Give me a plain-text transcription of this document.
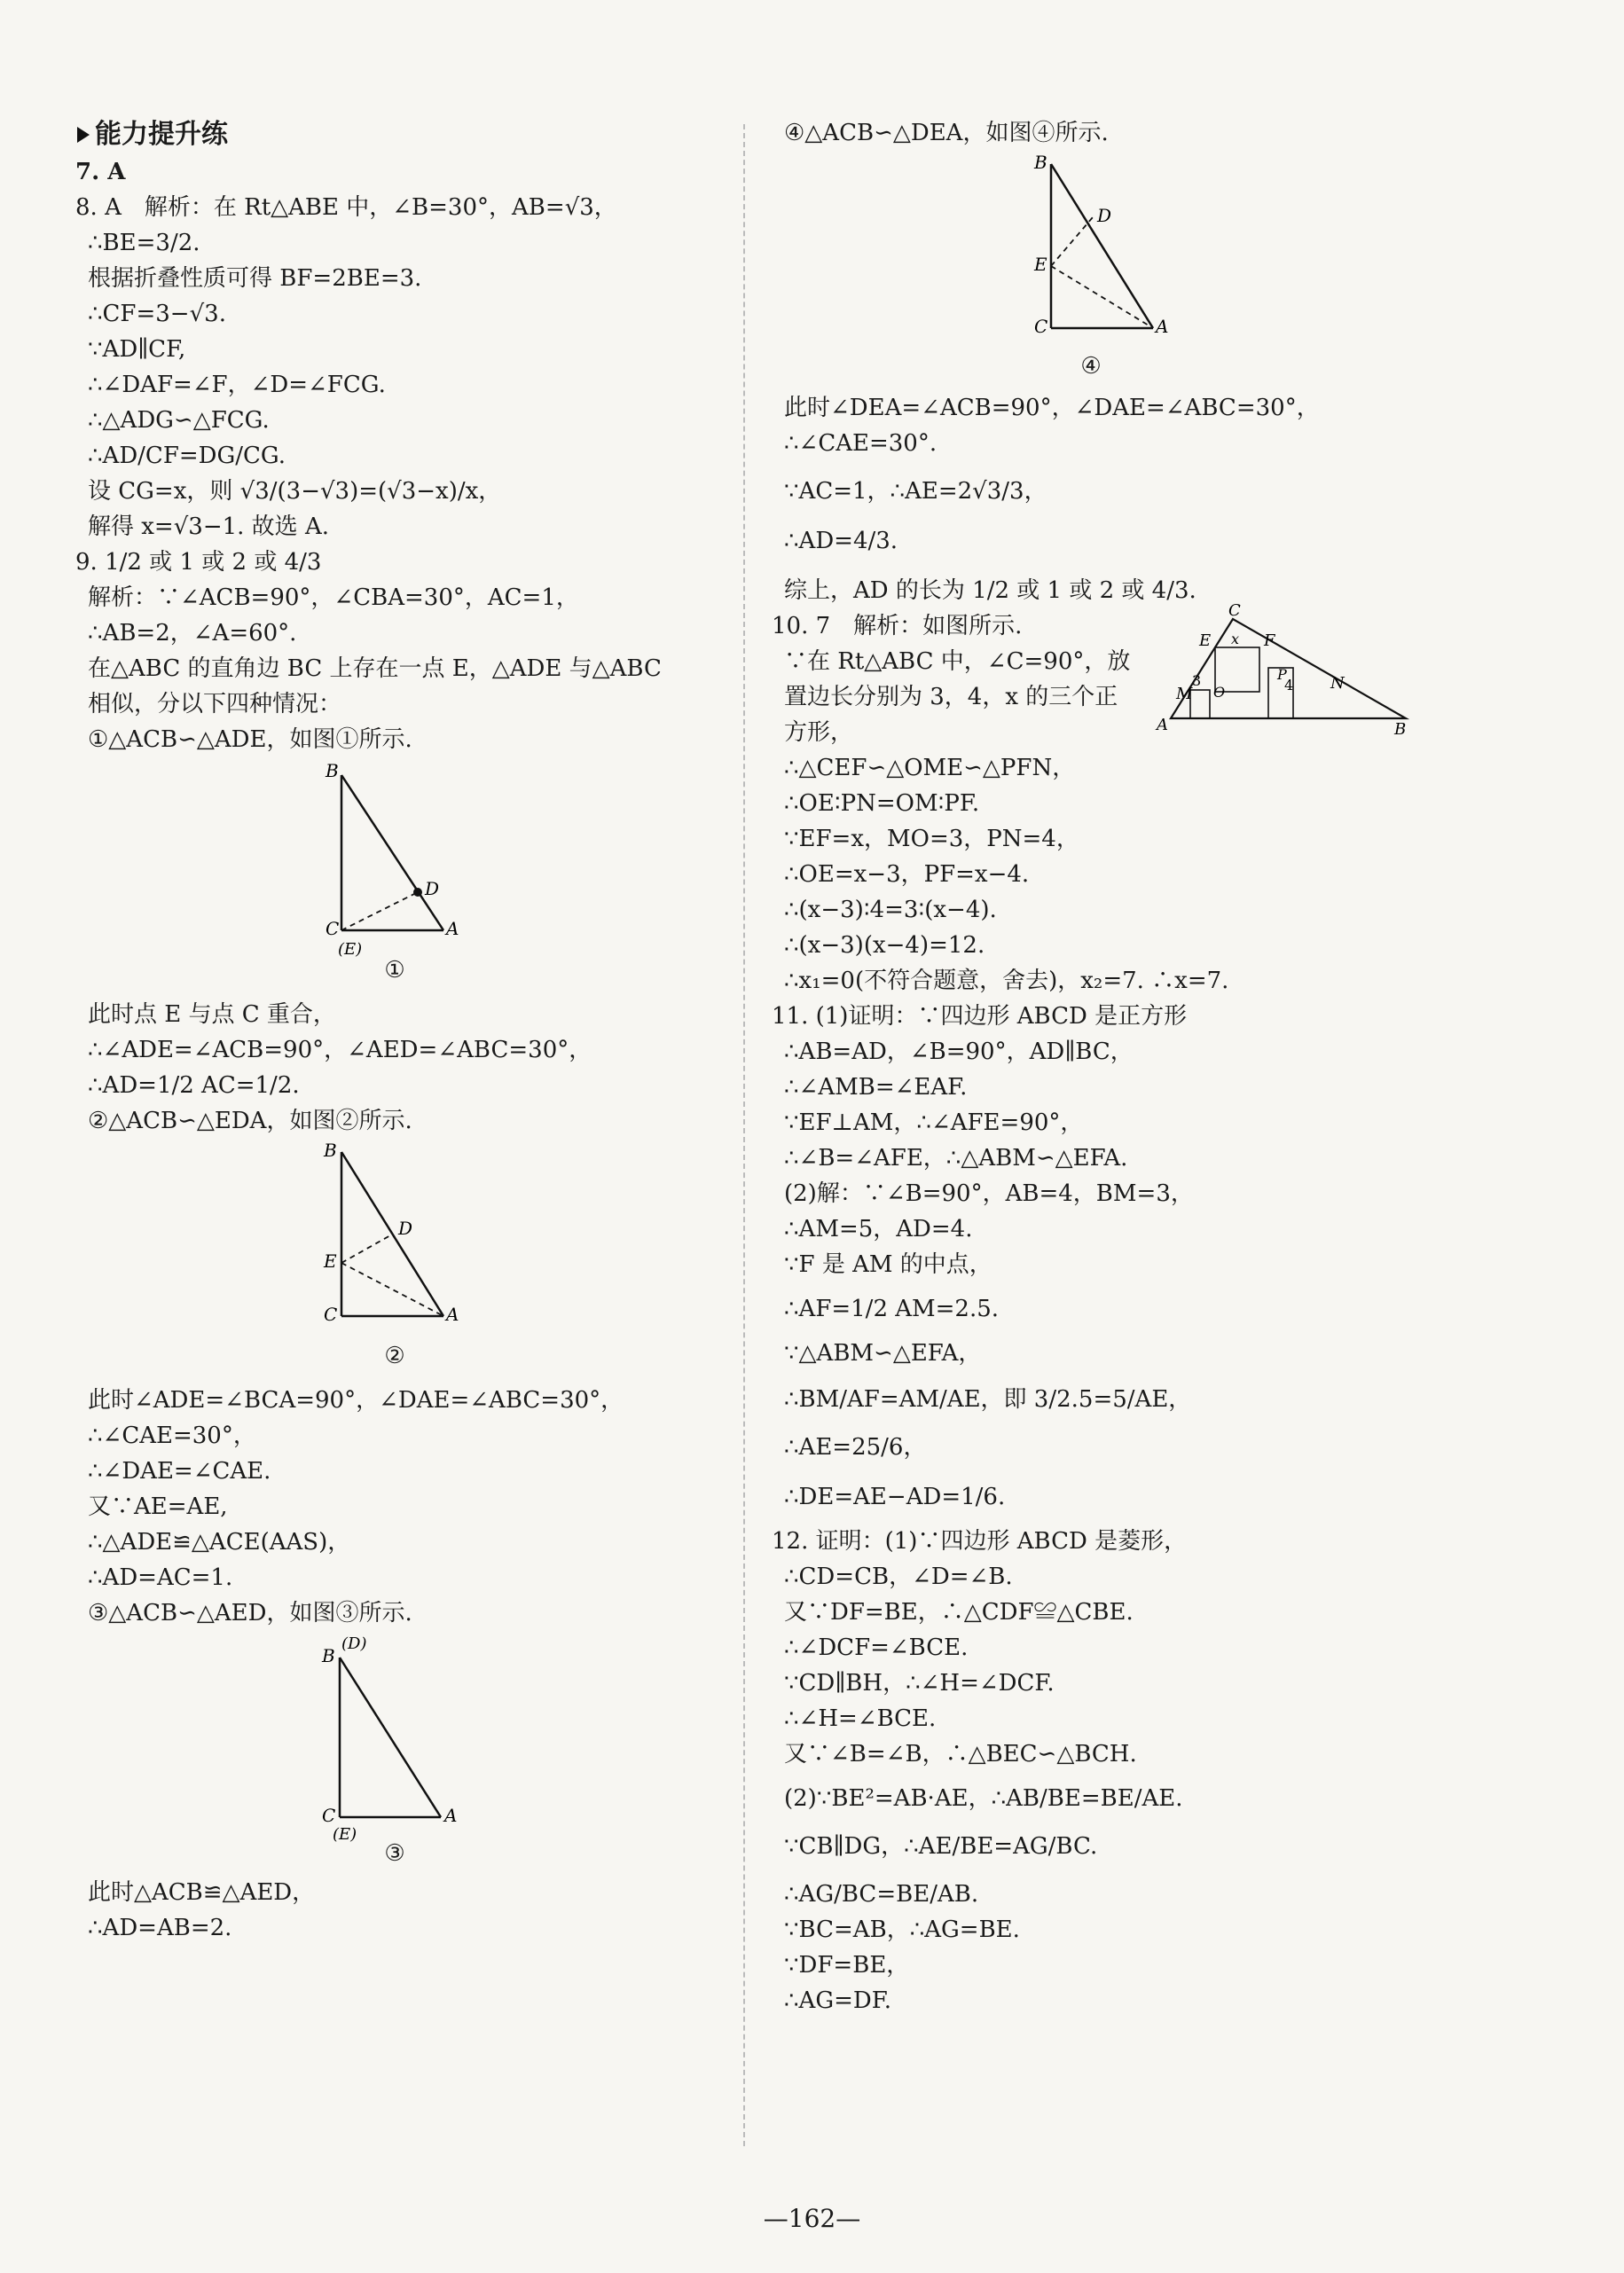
能力提升练
7. A
8. A　解析：在 Rt△ABE 中，∠B=30°，AB=√3，
∴BE=3/2.
根据折叠性质可得 BF=2BE=3.
∴CF=3−√3.
∵AD∥CF,
∴∠DAF=∠F，∠D=∠FCG.
∴△ADG∽△FCG.
∴AD/CF=DG/CG.
设 CG=x，则 √3/(3−√3)=(√3−x)/x，
解得 x=√3−1. 故选 A.
9. 1/2 或 1 或 2 或 4/3
解析：∵∠ACB=90°，∠CBA=30°，AC=1，
∴AB=2，∠A=60°.
在△ABC 的直角边 BC 上存在一点 E，△ADE 与△ABC
相似，分以下四种情况：
①△ACB∽△ADE，如图①所示.
B
D
C
(E)
A
①
此时点 E 与点 C 重合，
∴∠ADE=∠ACB=90°，∠AED=∠ABC=30°，
∴AD=1/2 AC=1/2.
②△ACB∽△EDA，如图②所示.
B
D
E
C	A
②
此时∠ADE=∠BCA=90°，∠DAE=∠ABC=30°，
∴∠CAE=30°，
∴∠DAE=∠CAE.
又∵AE=AE,
∴△ADE≌△ACE(AAS)，
∴AD=AC=1.
③△ACB∽△AED，如图③所示.
B
(D)
C
(E)
A
③
此时△ACB≌△AED，
∴AD=AB=2.
④△ACB∽△DEA，如图④所示.
B
D
E
C	A
④
此时∠DEA=∠ACB=90°，∠DAE=∠ABC=30°，
∴∠CAE=30°.
∵AC=1，∴AE=2√3/3，
∴AD=4/3.
综上，AD 的长为 1/2 或 1 或 2 或 4/3.
10. 7　解析：如图所示.
∵在 Rt△ABC 中，∠C=90°，放
置边长分别为 3，4，x 的三个正
方形，
C
E	F
x
3
O
M
P
4 N
A	B
∴△CEF∽△OME∽△PFN，
∴OE∶PN=OM∶PF.
∵EF=x，MO=3，PN=4，
∴OE=x−3，PF=x−4.
∴(x−3)∶4=3∶(x−4).
∴(x−3)(x−4)=12.
∴x₁=0(不符合题意，舍去)，x₂=7. ∴x=7.
11. (1)证明：∵四边形 ABCD 是正方形
∴AB=AD，∠B=90°，AD∥BC，
∴∠AMB=∠EAF.
∵EF⊥AM，∴∠AFE=90°，
∴∠B=∠AFE，∴△ABM∽△EFA.
(2)解：∵∠B=90°，AB=4，BM=3，
∴AM=5，AD=4.
∵F 是 AM 的中点，
∴AF=1/2 AM=2.5.
∵△ABM∽△EFA，
∴BM/AF=AM/AE，即 3/2.5=5/AE，
∴AE=25/6，
∴DE=AE−AD=1/6.
12. 证明：(1)∵四边形 ABCD 是菱形，
∴CD=CB，∠D=∠B.
又∵DF=BE，∴△CDF≌△CBE.
∴∠DCF=∠BCE.
∵CD∥BH，∴∠H=∠DCF.
∴∠H=∠BCE.
又∵∠B=∠B，∴△BEC∽△BCH.
(2)∵BE²=AB·AE，∴AB/BE=BE/AE.
∵CB∥DG，∴AE/BE=AG/BC.
∴AG/BC=BE/AB.
∵BC=AB，∴AG=BE.
∵DF=BE，
∴AG=DF.
—162—
